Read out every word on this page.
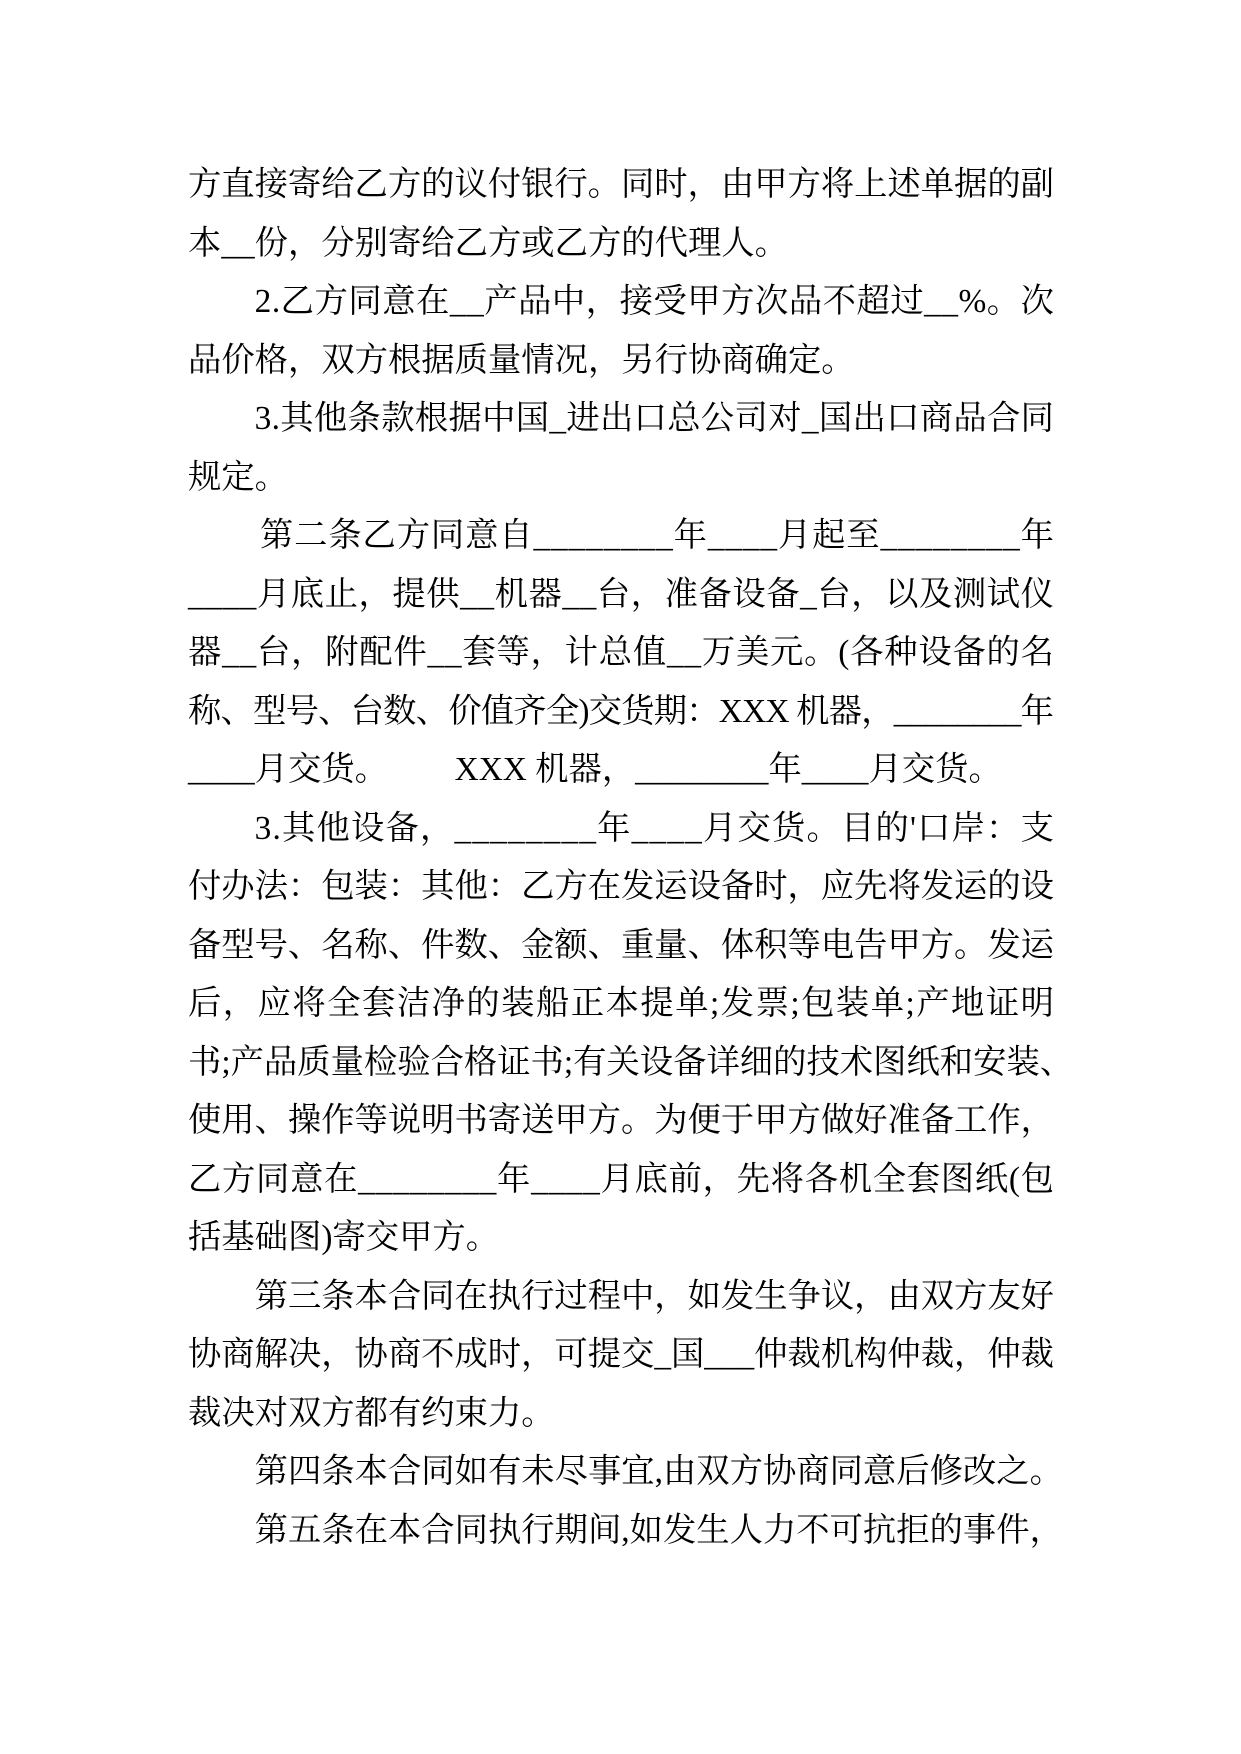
方直接寄给乙方的议付银行。同时，由甲方将上述单据的副
本__份，分别寄给乙方或乙方的代理人。
2.乙方同意在__产品中，接受甲方次品不超过__%。次
品价格，双方根据质量情况，另行协商确定。
3.其他条款根据中国_进出口总公司对_国出口商品合同
规定。
第二条乙方同意自________年____月起至________年
____月底止，提供__机器__台，准备设备_台，以及测试仪
器__台，附配件__套等，计总值__万美元。(各种设备的名
称、型号、台数、价值齐全)交货期：XXX 机器，________年
____月交货。        XXX 机器，________年____月交货。
3.其他设备，________年____月交货。目的'口岸：支
付办法：包装：其他：乙方在发运设备时，应先将发运的设
备型号、名称、件数、金额、重量、体积等电告甲方。发运
后，应将全套洁净的装船正本提单;发票;包装单;产地证明
书;产品质量检验合格证书;有关设备详细的技术图纸和安装、
使用、操作等说明书寄送甲方。为便于甲方做好准备工作，
乙方同意在________年____月底前，先将各机全套图纸(包
括基础图)寄交甲方。
第三条本合同在执行过程中，如发生争议，由双方友好
协商解决，协商不成时，可提交_国___仲裁机构仲裁，仲裁
裁决对双方都有约束力。
第四条本合同如有未尽事宜,由双方协商同意后修改之。
第五条在本合同执行期间,如发生人力不可抗拒的事件，
